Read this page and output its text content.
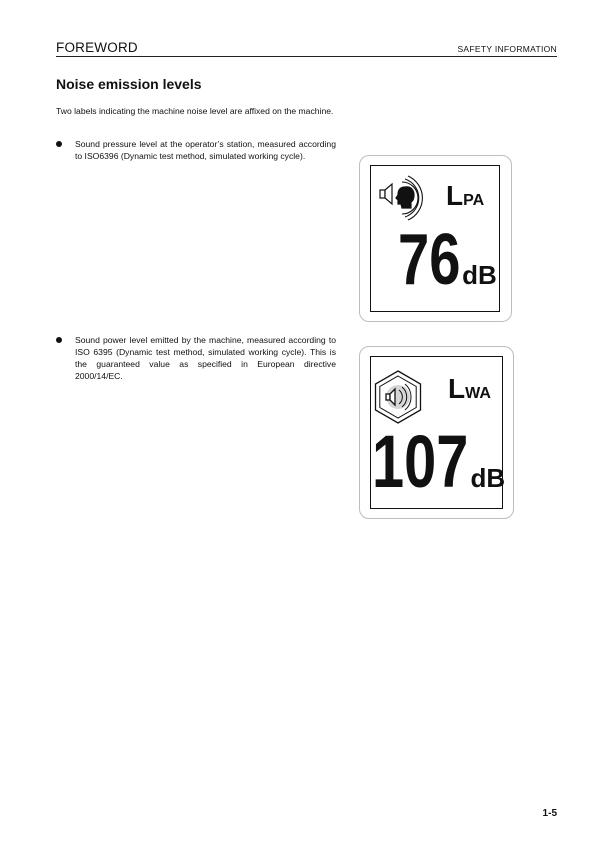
FOREWORD	SAFETY INFORMATION
Noise emission levels
Two labels indicating the machine noise level are affixed on the machine.
Sound pressure level at the operator’s station, measured according to ISO6396 (Dynamic test method, simulated working cycle).
Sound power level emitted by the machine, measured according to ISO 6395 (Dynamic test method, simulated working cycle). This is the guaranteed value as specified in European directive 2000/14/EC.
LPA
76dB
LWA
107dB
1-5
